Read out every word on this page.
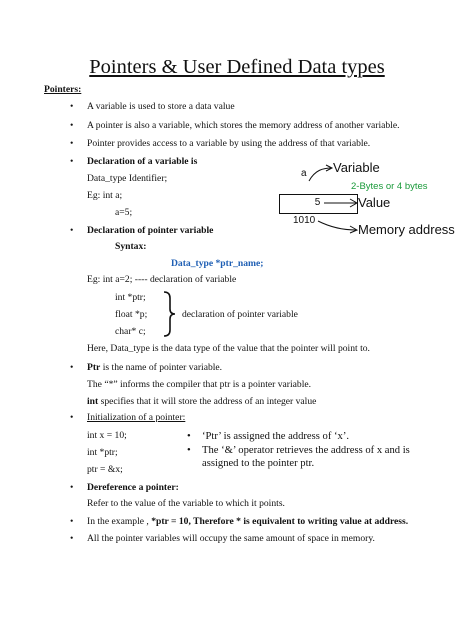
Pointers & User Defined Data types
Pointers:
• A variable is used to store a data value
• A pointer is also a variable, which stores the memory address of another variable.
• Pointer provides access to a variable by using the address of that variable.
• Declaration of a variable is
Data_type Identifier;
Eg: int a;
a=5;
a Variable
2-Bytes or 4 bytes
5	Value
1010
Memory address
• Declaration of pointer variable
Syntax:
Data_type *ptr_name;
Eg: int a=2; ---- declaration of variable
int *ptr;
float *p;
char* c;
declaration of pointer variable
Here, Data_type is the data type of the value that the pointer will point to.
• Ptr is the name of pointer variable.
The “*” informs the compiler that ptr is a pointer variable.
int specifies that it will store the address of an integer value
• Initialization of a pointer:
int x = 10;
int *ptr;
ptr = &x;
• ‘Ptr’ is assigned the address of ‘x’.
• The ‘&’ operator retrieves the address of x and is
assigned to the pointer ptr.
• Dereference a pointer:
Refer to the value of the variable to which it points.
• In the example , *ptr = 10, Therefore * is equivalent to writing value at address.
• All the pointer variables will occupy the same amount of space in memory.
